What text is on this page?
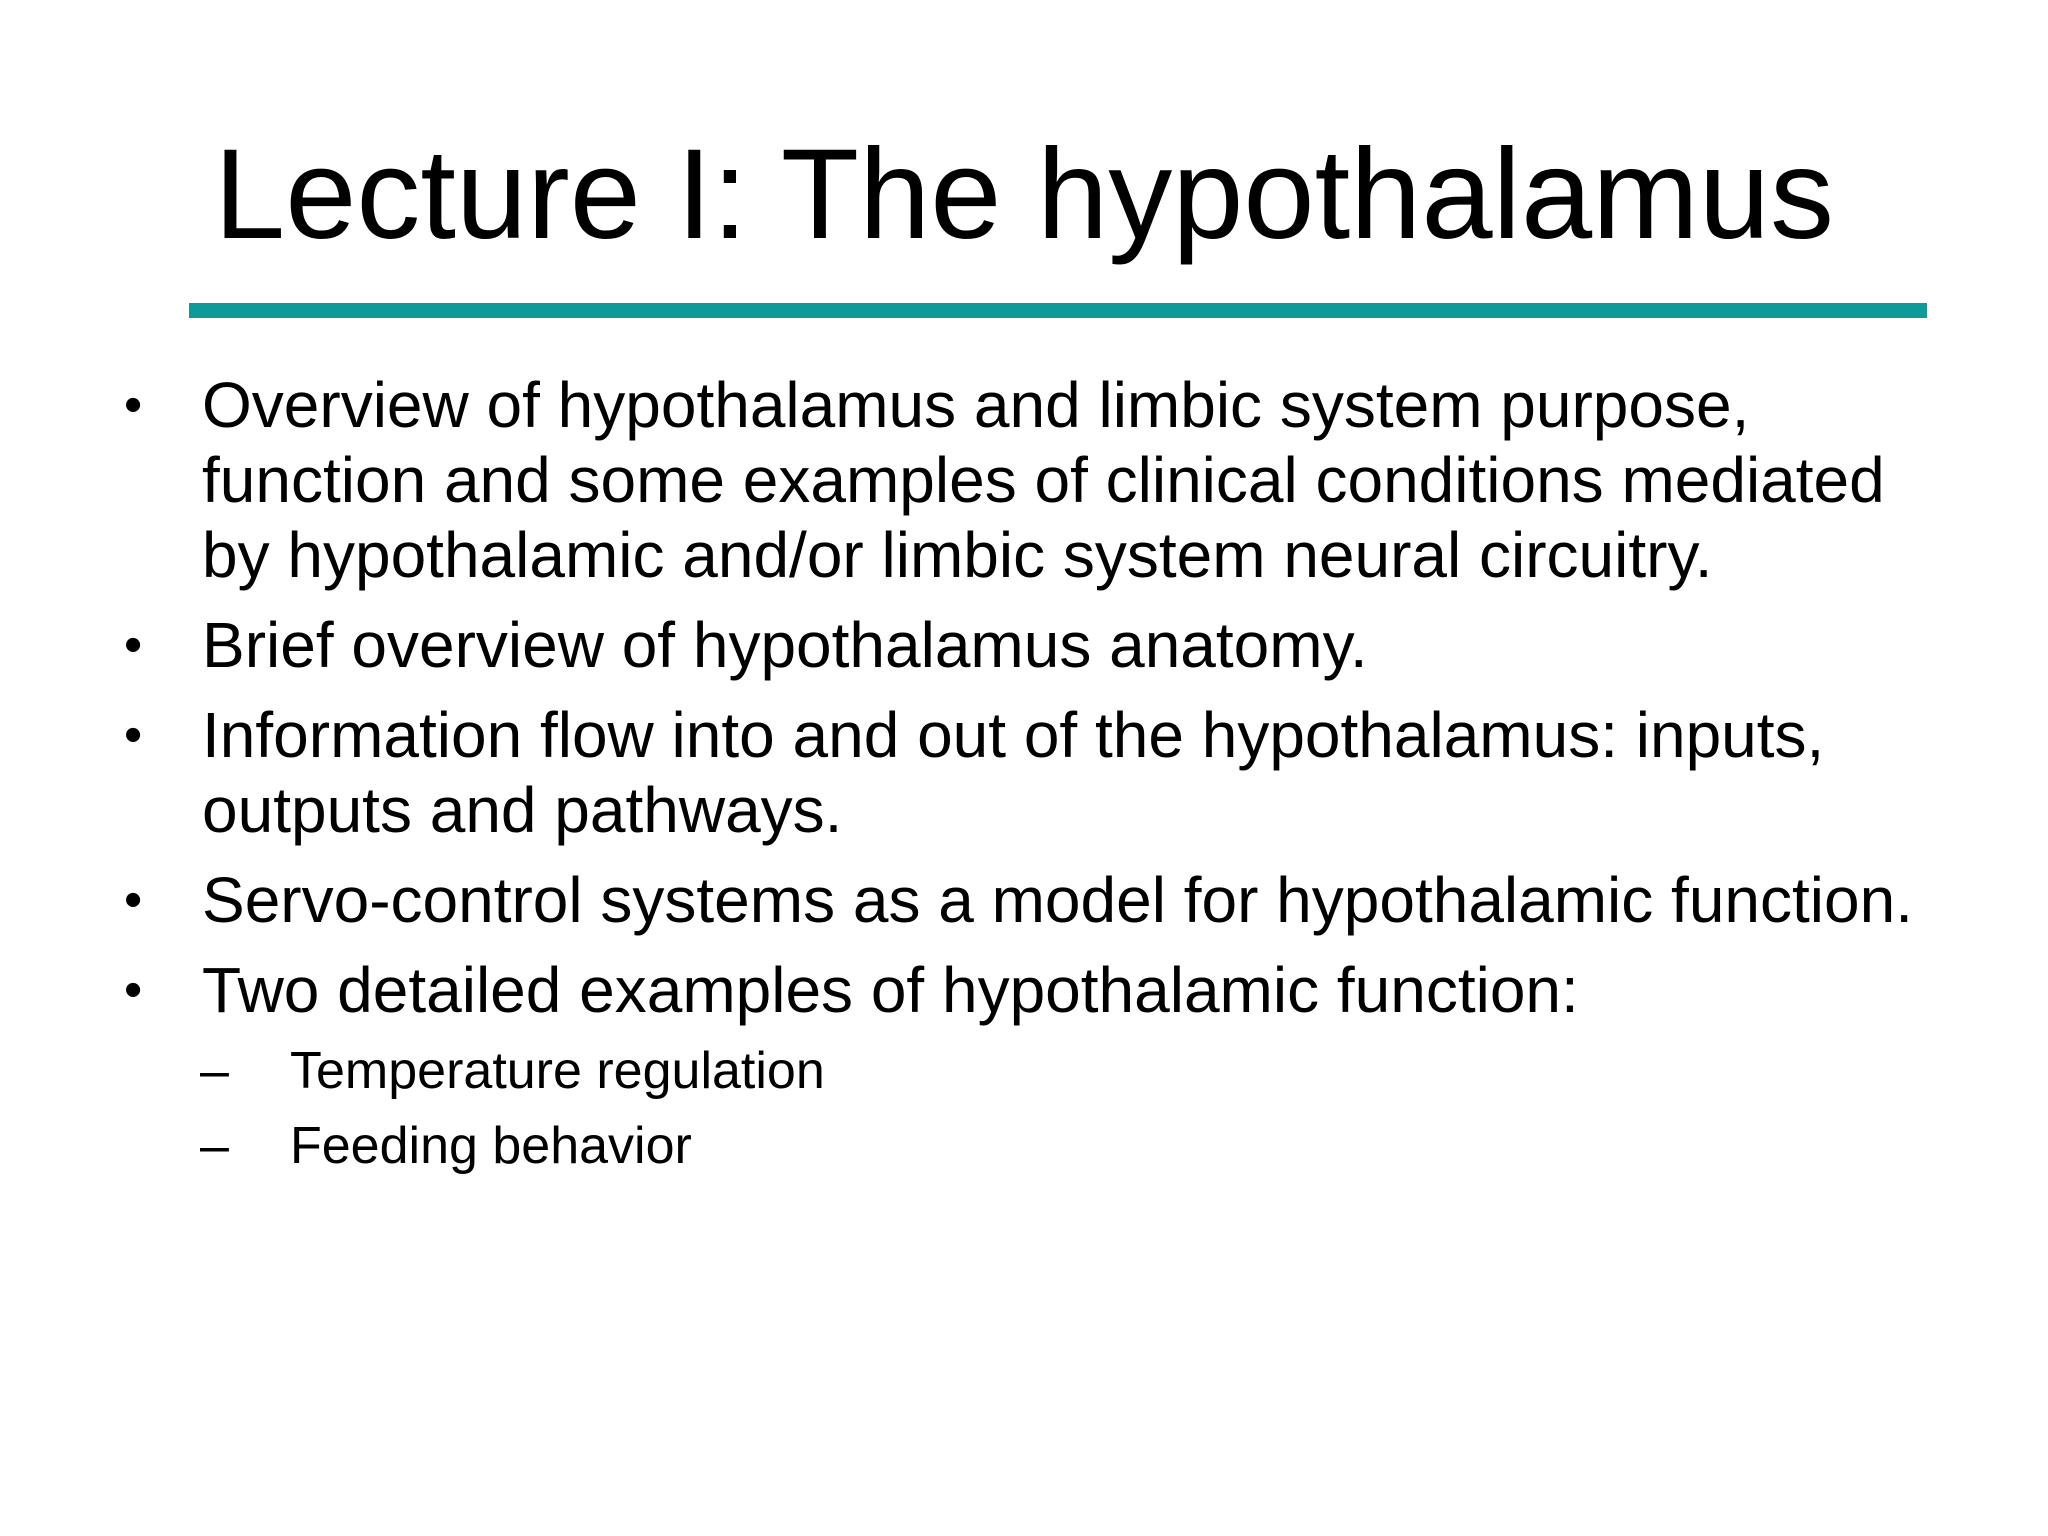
Lecture I: The hypothalamus
• Overview of hypothalamus and limbic system purpose, function and some examples of clinical conditions mediated by hypothalamic and/or limbic system neural circuitry.
• Brief overview of hypothalamus anatomy.
• Information flow into and out of the hypothalamus: inputs, outputs and pathways.
• Servo-control systems as a model for hypothalamic function.
• Two detailed examples of hypothalamic function:
– Temperature regulation
– Feeding behavior
